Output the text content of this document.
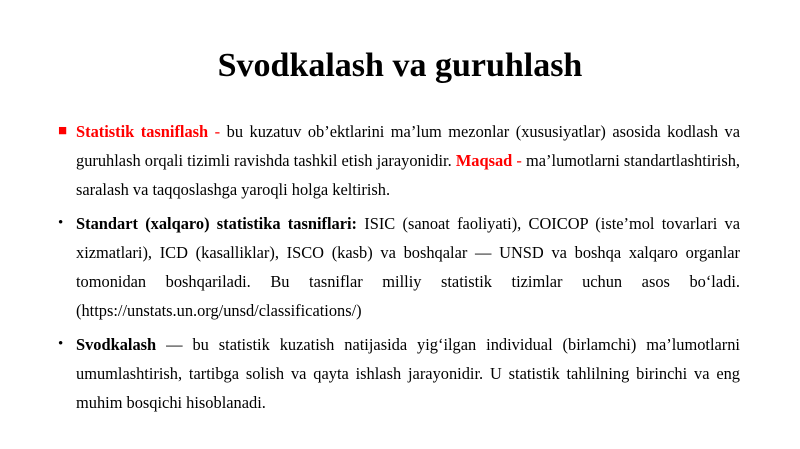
Svodkalash va guruhlash
■ Statistik tasniflash - bu kuzatuv ob’ektlarini ma’lum mezonlar (xususiyatlar) asosida kodlash va guruhlash orqali tizimli ravishda tashkil etish jarayonidir. Maqsad - ma’lumotlarni standartlashtirish, saralash va taqqoslashga yaroqli holga keltirish.
• Standart (xalqaro) statistika tasniflari: ISIC (sanoat faoliyati), COICOP (iste’mol tovarlari va xizmatlari), ICD (kasalliklar), ISCO (kasb) va boshqalar — UNSD va boshqa xalqaro organlar tomonidan boshqariladi. Bu tasniflar milliy statistik tizimlar uchun asos bo‘ladi. (https://unstats.un.org/unsd/classifications/)
• Svodkalash — bu statistik kuzatish natijasida yig‘ilgan individual (birlamchi) ma’lumotlarni umumlashtirish, tartibga solish va qayta ishlash jarayonidir. U statistik tahlilning birinchi va eng muhim bosqichi hisoblanadi.
